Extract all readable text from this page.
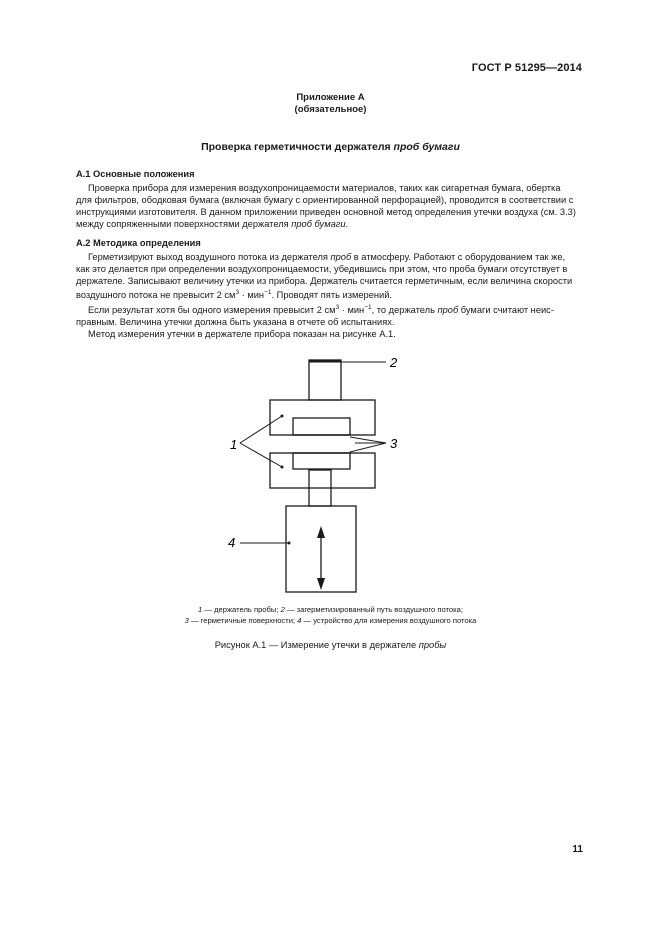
ГОСТ Р 51295—2014
Приложение А
(обязательное)
Проверка герметичности держателя проб бумаги
А.1 Основные положения

Проверка прибора для измерения воздухопроницаемости материалов, таких как сигаретная бумага, обертка

для фильтров, ободковая бумага (включая бумагу с ориентированной перфорацией), проводится в соответствии с

инструкциями изготовителя. В данном приложении приведен основной метод определения утечки воздуха (см. 3.3)

между сопряженными поверхностями держателя проб бумаги.

А.2 Методика определения

Герметизируют выход воздушного потока из держателя проб в атмосферу. Работают с оборудованием так же,

как это делается при определении воздухопроницаемости, убедившись при этом, что проба бумаги отсутствует в

держателе. Записывают величину утечки из прибора. Держатель считается герметичным, если величина скорости

воздушного потока не превысит 2 $см^3 \cdot мин^{-1}$. Проводят пять измерений.

Если результат хотя бы одного измерения превысит 2 $см^3 \cdot мин^{-1}$, то держатель проб бумаги считают неис-

правным. Величина утечки должна быть указана в отчете об испытаниях.

Метод измерения утечки в держателе прибора показан на рисунке А.1.

1
2
3
4
1 — держатель пробы; 2 — загерметизированный путь воздушного потока;
3 — герметичные поверхности; 4 — устройство для измерения воздушного потока
Рисунок А.1 — Измерение утечки в держателе пробы
11
